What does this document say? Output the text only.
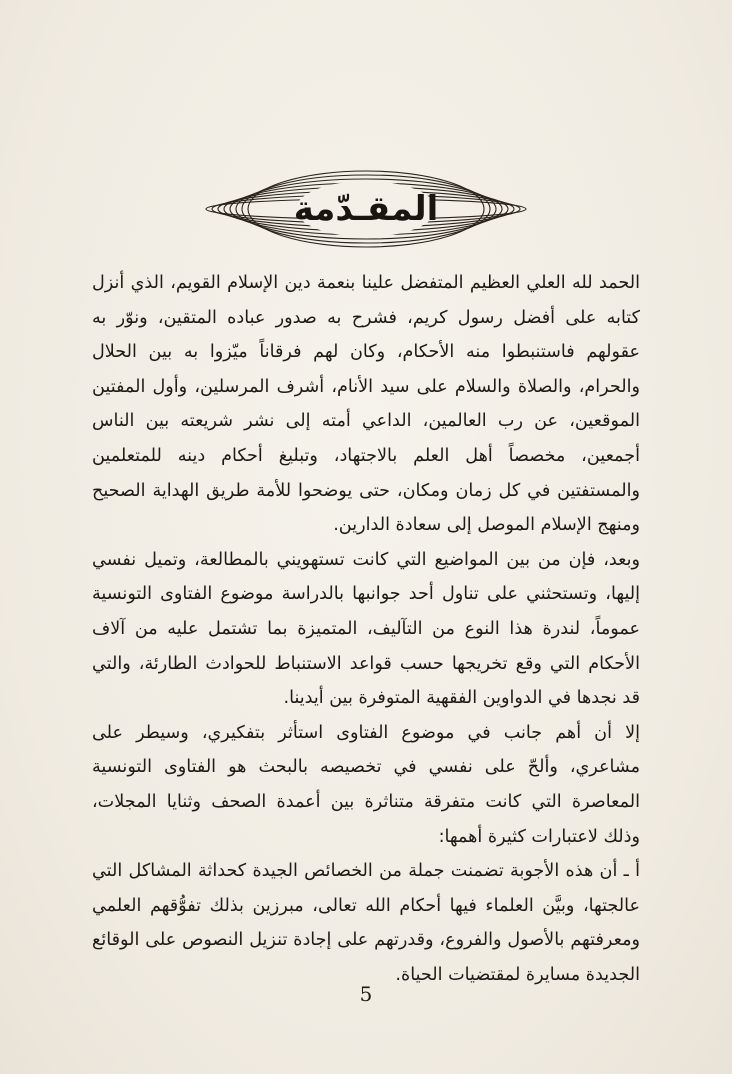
المقـدّمة

الحمد لله العلي العظيم المتفضل علينا بنعمة دين الإسلام القويم، الذي أنزل كتابه على أفضل رسول كريم، فشرح به صدور عباده المتقين، ونوّر به عقولهم فاستنبطوا منه الأحكام، وكان لهم فرقاناً ميّزوا به بين الحلال والحرام، والصلاة والسلام على سيد الأنام، أشرف المرسلين، وأول المفتين الموقعين، عن رب العالمين، الداعي أمته إلى نشر شريعته بين الناس أجمعين، مخصصاً أهل العلم بالاجتهاد، وتبليغ أحكام دينه للمتعلمين والمستفتين في كل زمان ومكان، حتى يوضحوا للأمة طريق الهداية الصحيح ومنهج الإسلام الموصل إلى سعادة الدارين.

وبعد، فإن من بين المواضيع التي كانت تستهويني بالمطالعة، وتميل نفسي إليها، وتستحثني على تناول أحد جوانبها بالدراسة موضوع الفتاوى التونسية عموماً، لندرة هذا النوع من التآليف، المتميزة بما تشتمل عليه من آلاف الأحكام التي وقع تخريجها حسب قواعد الاستنباط للحوادث الطارئة، والتي قد نجدها في الدواوين الفقهية المتوفرة بين أيدينا.

إلا أن أهم جانب في موضوع الفتاوى استأثر بتفكيري، وسيطر على مشاعري، وألحّ على نفسي في تخصيصه بالبحث هو الفتاوى التونسية المعاصرة التي كانت متفرقة متناثرة بين أعمدة الصحف وثنايا المجلات، وذلك لاعتبارات كثيرة أهمها:

أ ـ أن هذه الأجوبة تضمنت جملة من الخصائص الجيدة كحداثة المشاكل التي عالجتها، وبيَّن العلماء فيها أحكام الله تعالى، مبرزين بذلك تفوُّقهم العلمي ومعرفتهم بالأصول والفروع، وقدرتهم على إجادة تنزيل النصوص على الوقائع الجديدة مسايرة لمقتضيات الحياة.

5
